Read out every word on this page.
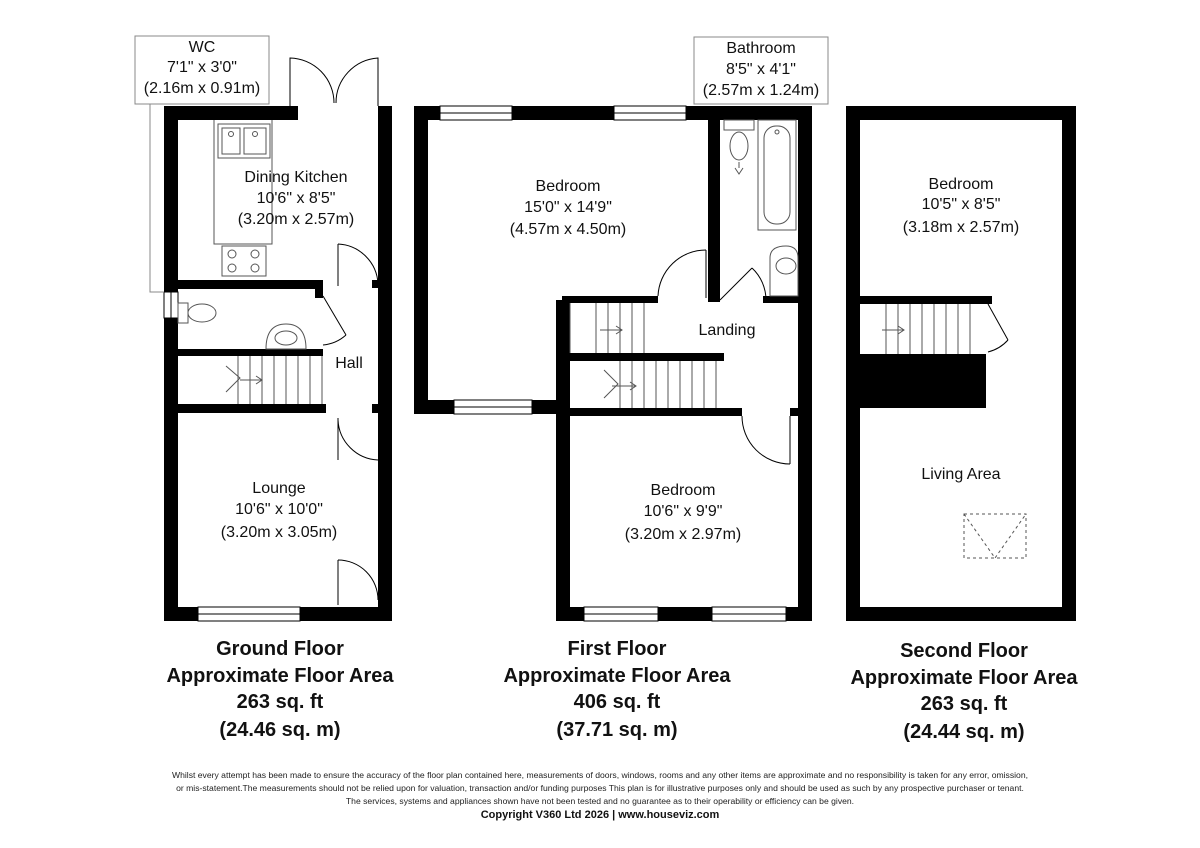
WC
7'1" x 3'0"
(2.16m x 0.91m)
Dining Kitchen
10'6" x 8'5"
(3.20m x 2.57m)
Hall
Lounge
10'6" x 10'0"
(3.20m x 3.05m)
Bathroom
8'5" x 4'1"
(2.57m x 1.24m)
Bedroom
15'0" x 14'9"
(4.57m x 4.50m)
Landing
Bedroom
10'6" x 9'9"
(3.20m x 2.97m)
Bedroom
10'5" x 8'5"
(3.18m x 2.57m)
Living Area
Ground Floor
Approximate Floor Area
263 sq. ft
(24.46 sq. m)
First Floor
Approximate Floor Area
406 sq. ft
(37.71 sq. m)
Second Floor
Approximate Floor Area
263 sq. ft
(24.44 sq. m)

Whilst every attempt has been made to ensure the accuracy of the floor plan contained here, measurements of doors, windows, rooms and any other items are approximate and no responsibility is taken for any error, omission,

or mis-statement.The measurements should not be relied upon for valuation, transaction and/or funding purposes This plan is for illustrative purposes only and should be used as such by any prospective purchaser or tenant.

The services, systems and appliances shown have not been tested and no guarantee as to their operability or efficiency can be given.

Copyright V360 Ltd 2026 | www.houseviz.com
